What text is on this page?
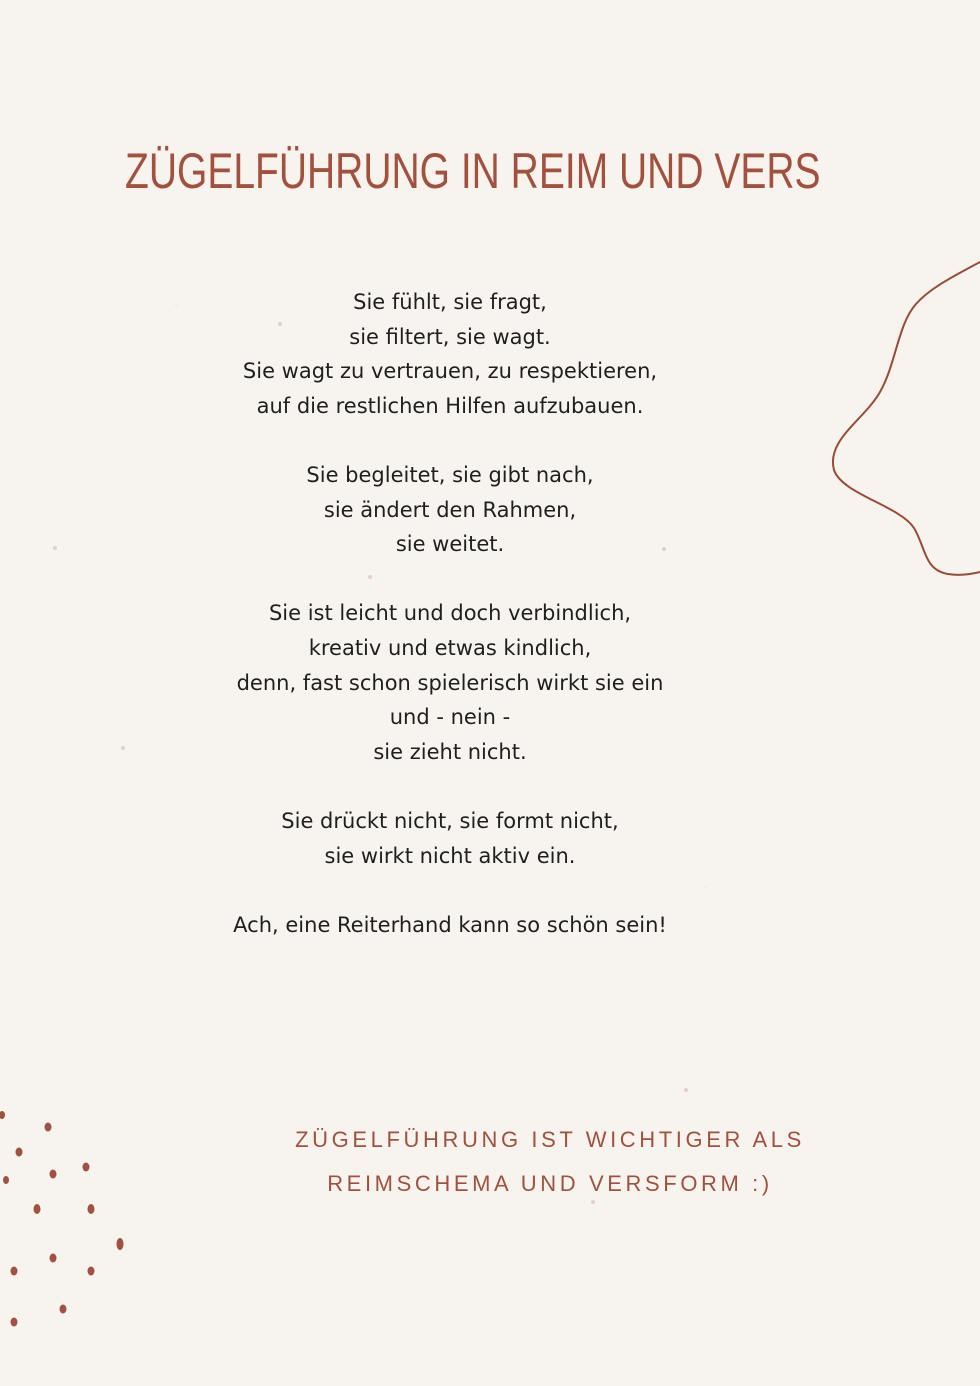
ZÜGELFÜHRUNG IN REIM UND VERS

Sie fühlt, sie fragt,
sie filtert, sie wagt.
Sie wagt zu vertrauen, zu respektieren,
auf die restlichen Hilfen aufzubauen.

Sie begleitet, sie gibt nach,
sie ändert den Rahmen,
sie weitet.

Sie ist leicht und doch verbindlich,
kreativ und etwas kindlich,
denn, fast schon spielerisch wirkt sie ein
und - nein -
sie zieht nicht.

Sie drückt nicht, sie formt nicht,
sie wirkt nicht aktiv ein.

Ach, eine Reiterhand kann so schön sein!

ZÜGELFÜHRUNG IST WICHTIGER ALS
REIMSCHEMA UND VERSFORM :)
